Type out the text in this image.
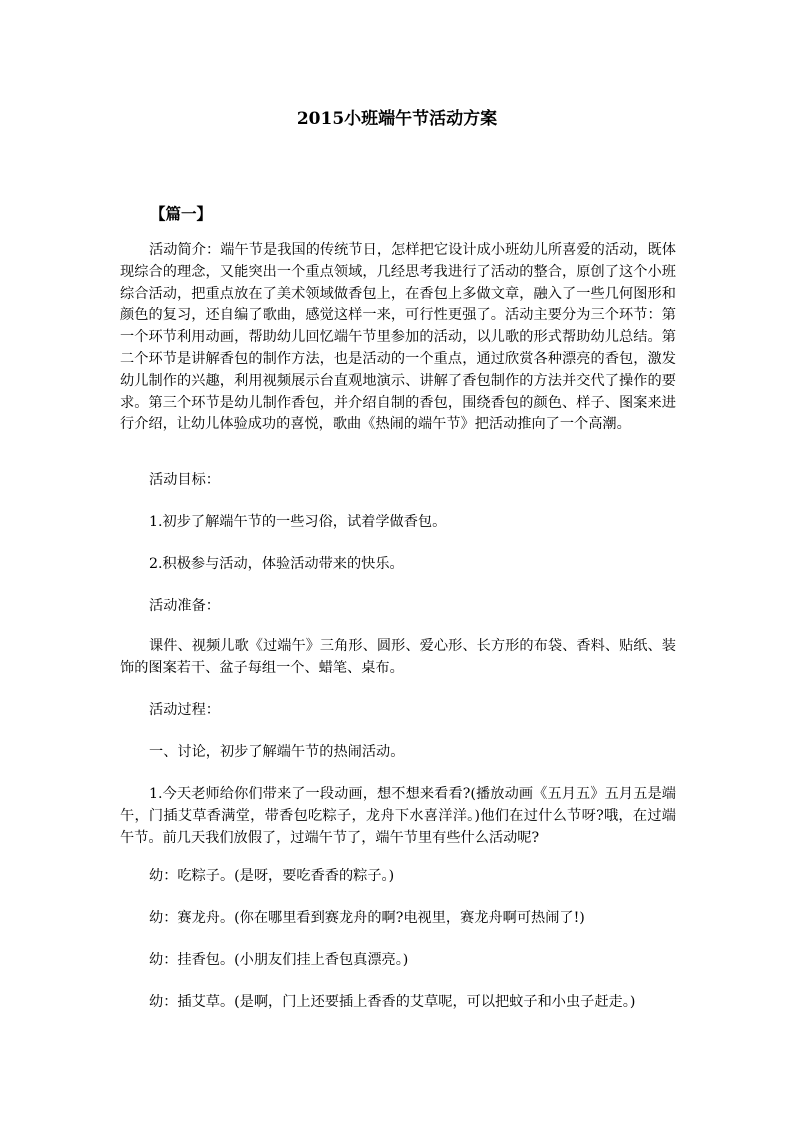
2015小班端午节活动方案
【篇一】

活动简介：端午节是我国的传统节日，怎样把它设计成小班幼儿所喜爱的活动，既体现综合的理念，又能突出一个重点领域，几经思考我进行了活动的整合，原创了这个小班综合活动，把重点放在了美术领域做香包上，在香包上多做文章，融入了一些几何图形和颜色的复习，还自编了歌曲，感觉这样一来，可行性更强了。活动主要分为三个环节：第一个环节利用动画，帮助幼儿回忆端午节里参加的活动，以儿歌的形式帮助幼儿总结。第二个环节是讲解香包的制作方法，也是活动的一个重点，通过欣赏各种漂亮的香包，激发幼儿制作的兴趣，利用视频展示台直观地演示、讲解了香包制作的方法并交代了操作的要求。第三个环节是幼儿制作香包，并介绍自制的香包，围绕香包的颜色、样子、图案来进行介绍，让幼儿体验成功的喜悦，歌曲《热闹的端午节》把活动推向了一个高潮。

活动目标：

1.初步了解端午节的一些习俗，试着学做香包。

2.积极参与活动，体验活动带来的快乐。

活动准备：

课件、视频儿歌《过端午》三角形、圆形、爱心形、长方形的布袋、香料、贴纸、装饰的图案若干、盆子每组一个、蜡笔、桌布。

活动过程：

一、讨论，初步了解端午节的热闹活动。

1.今天老师给你们带来了一段动画，想不想来看看?(播放动画《五月五》五月五是端午，门插艾草香满堂，带香包吃粽子，龙舟下水喜洋洋。)他们在过什么节呀?哦，在过端午节。前几天我们放假了，过端午节了，端午节里有些什么活动呢?

幼：吃粽子。(是呀，要吃香香的粽子。)

幼：赛龙舟。(你在哪里看到赛龙舟的啊?电视里，赛龙舟啊可热闹了!)

幼：挂香包。(小朋友们挂上香包真漂亮。)

幼：插艾草。(是啊，门上还要插上香香的艾草呢，可以把蚊子和小虫子赶走。)
